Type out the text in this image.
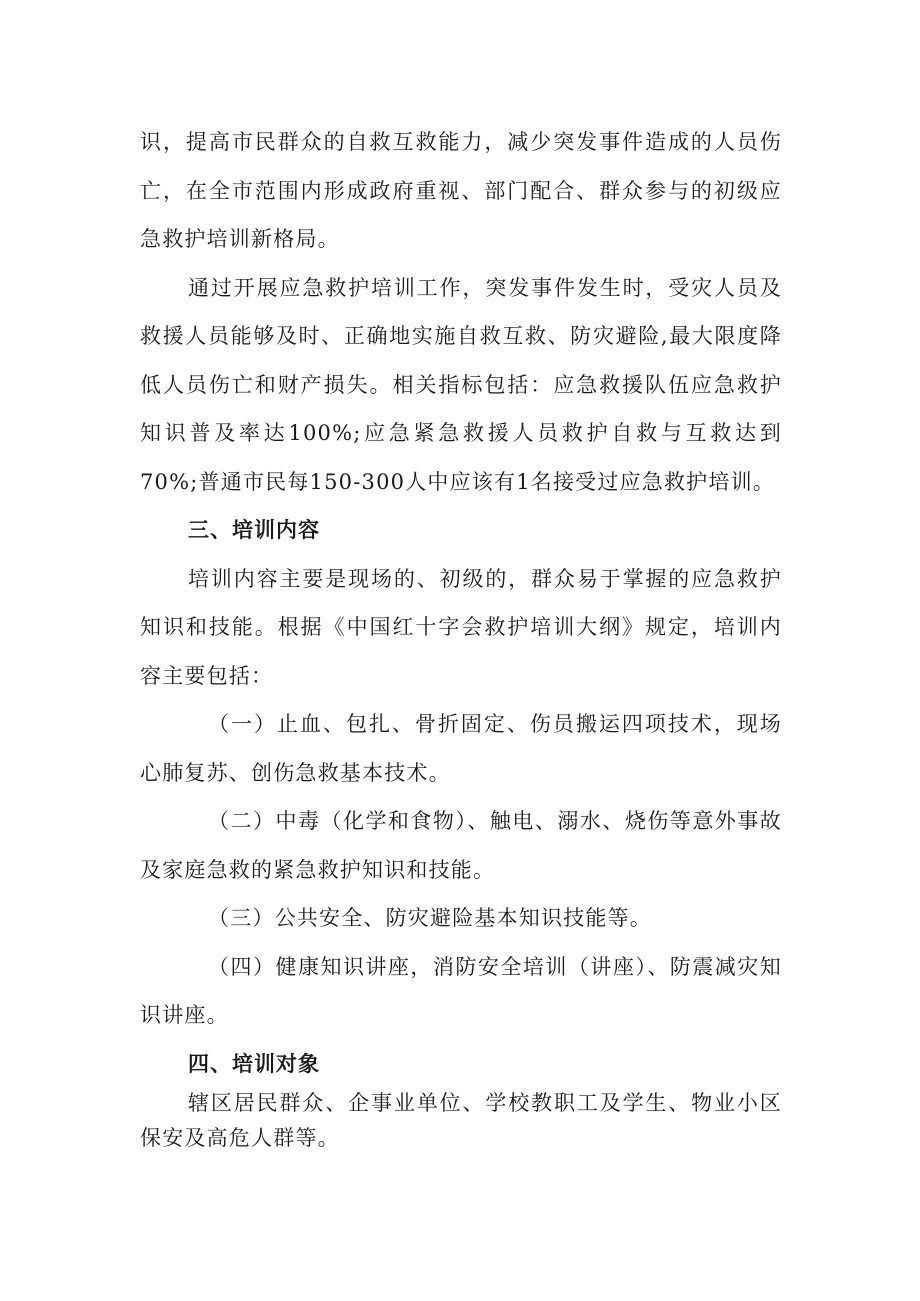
识，提高市民群众的自救互救能力，减少突发事件造成的人员伤亡，在全市范围内形成政府重视、部门配合、群众参与的初级应急救护培训新格局。

通过开展应急救护培训工作，突发事件发生时，受灾人员及救援人员能够及时、正确地实施自救互救、防灾避险,最大限度降低人员伤亡和财产损失。相关指标包括：应急救援队伍应急救护知识普及率达100%;应急紧急救援人员救护自救与互救达到70%;普通市民每150-300人中应该有1名接受过应急救护培训。

三、培训内容

培训内容主要是现场的、初级的，群众易于掌握的应急救护知识和技能。根据《中国红十字会救护培训大纲》规定，培训内容主要包括：

（一）止血、包扎、骨折固定、伤员搬运四项技术，现场心肺复苏、创伤急救基本技术。

（二）中毒（化学和食物）、触电、溺水、烧伤等意外事故及家庭急救的紧急救护知识和技能。

（三）公共安全、防灾避险基本知识技能等。

（四）健康知识讲座，消防安全培训（讲座）、防震减灾知识讲座。

四、培训对象

辖区居民群众、企事业单位、学校教职工及学生、物业小区保安及高危人群等。
